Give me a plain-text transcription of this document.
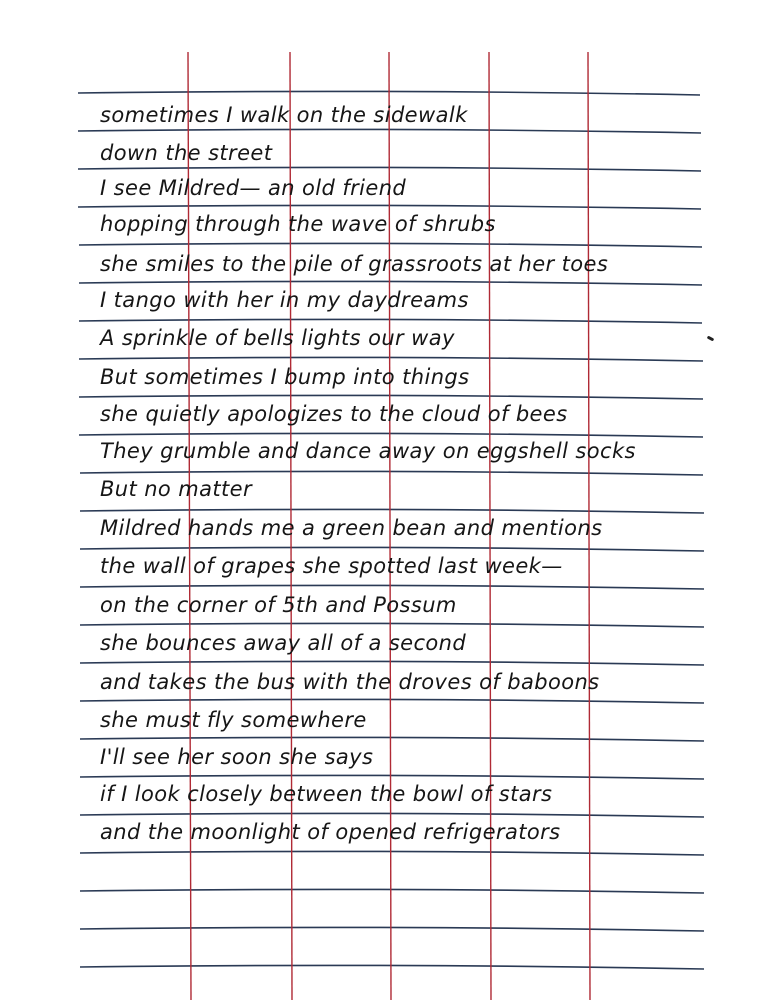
sometimes I walk on the sidewalk
down the street
I see Mildred— an old friend
hopping through the wave of shrubs
she smiles to the pile of grassroots at her toes
I tango with her in my daydreams
A sprinkle of bells lights our way
But sometimes I bump into things
she quietly apologizes to the cloud of bees
They grumble and dance away on eggshell socks
But no matter
Mildred hands me a green bean and mentions
the wall of grapes she spotted last week—
on the corner of 5th and Possum
she bounces away all of a second
and takes the bus with the droves of baboons
she must fly somewhere
I'll see her soon she says
if I look closely between the bowl of stars
and the moonlight of opened refrigerators
